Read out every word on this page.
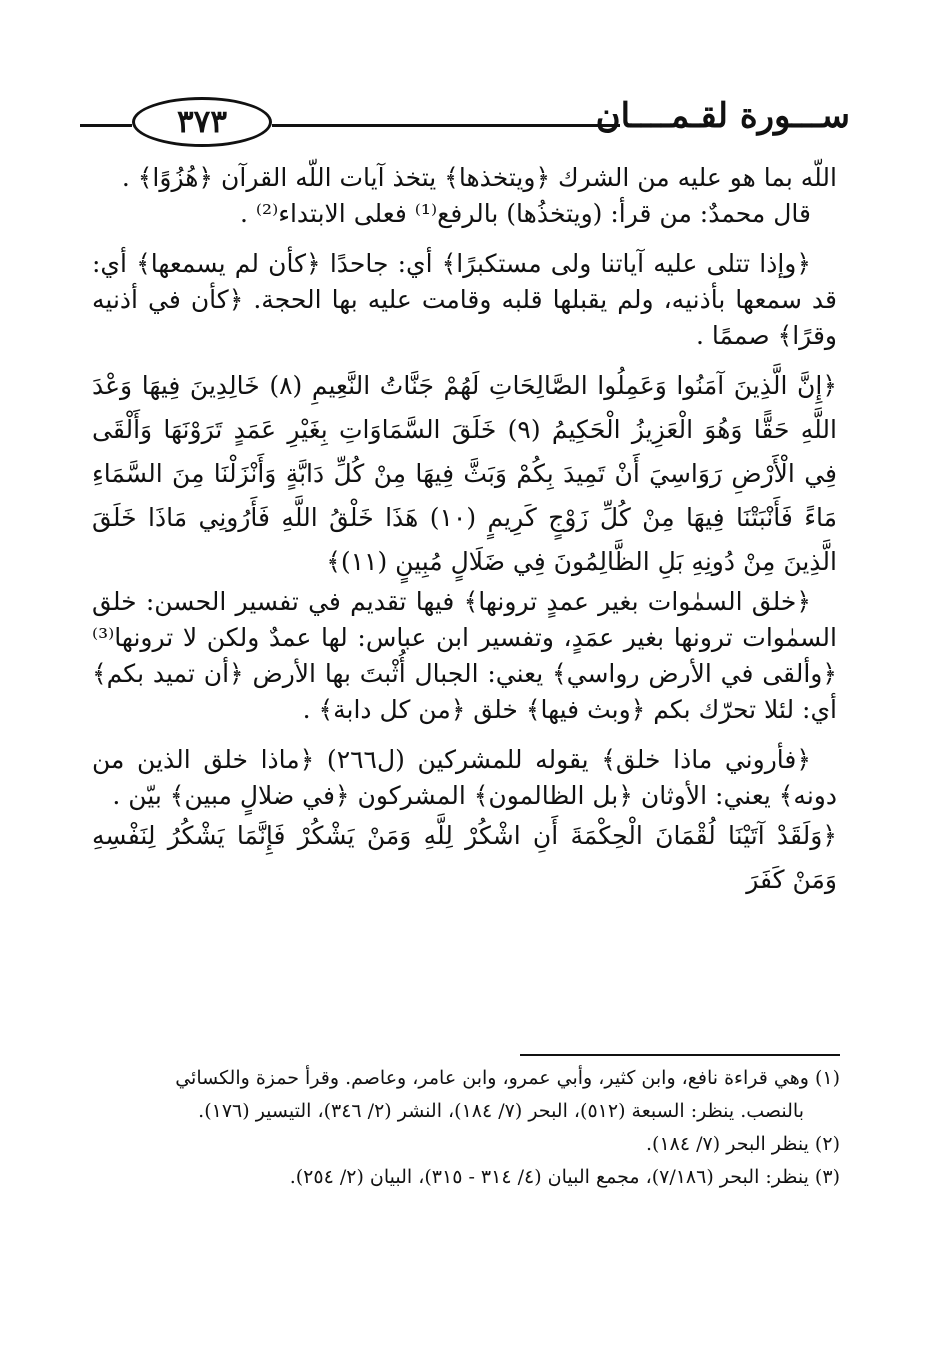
٣٧٣	ســـورة لقـمــــان

اللّه بما هو عليه من الشرك ﴿ويتخذها﴾ يتخذ آيات اللّه القرآن ﴿هُزُوًا﴾ .

قال محمدٌ: من قرأ: (ويتخذُها) بالرفع⁽¹⁾ فعلى الابتداء⁽²⁾ .

﴿وإذا تتلى عليه آياتنا ولى مستكبرًا﴾ أي: جاحدًا ﴿كأن لم يسمعها﴾ أي: قد سمعها بأذنيه، ولم يقبلها قلبه وقامت عليه بها الحجة. ﴿كأن في أذنيه وقرًا﴾ صممًا .

﴿إِنَّ الَّذِينَ آمَنُوا وَعَمِلُوا الصَّالِحَاتِ لَهُمْ جَنَّاتُ النَّعِيمِ (٨) خَالِدِينَ فِيهَا وَعْدَ اللَّهِ حَقًّا وَهُوَ الْعَزِيزُ الْحَكِيمُ (٩) خَلَقَ السَّمَاوَاتِ بِغَيْرِ عَمَدٍ تَرَوْنَهَا وَأَلْقَى فِي الْأَرْضِ رَوَاسِيَ أَنْ تَمِيدَ بِكُمْ وَبَثَّ فِيهَا مِنْ كُلِّ دَابَّةٍ وَأَنْزَلْنَا مِنَ السَّمَاءِ مَاءً فَأَنْبَتْنَا فِيهَا مِنْ كُلِّ زَوْجٍ كَرِيمٍ (١٠) هَذَا خَلْقُ اللَّهِ فَأَرُونِي مَاذَا خَلَقَ الَّذِينَ مِنْ دُونِهِ بَلِ الظَّالِمُونَ فِي ضَلَالٍ مُبِينٍ (١١)﴾

﴿خلق السمٰوات بغير عمدٍ ترونها﴾ فيها تقديم في تفسير الحسن: خلق السمٰوات ترونها بغير عمَدٍ، وتفسير ابن عباس: لها عمدٌ ولكن لا ترونها⁽³⁾ ﴿وألقى في الأرض رواسي﴾ يعني: الجبال أُثْبتَ بها الأرض ﴿أن تميد بكم﴾ أي: لئلا تحرّك بكم ﴿وبث فيها﴾ خلق ﴿من كل دابة﴾ .

﴿فأروني ماذا خلق﴾ يقوله للمشركين (ل٢٦٦) ﴿ماذا خلق الذين من دونه﴾ يعني: الأوثان ﴿بل الظالمون﴾ المشركون ﴿في ضلالٍ مبين﴾ بيّن .

﴿وَلَقَدْ آتَيْنَا لُقْمَانَ الْحِكْمَةَ أَنِ اشْكُرْ لِلَّهِ وَمَنْ يَشْكُرْ فَإِنَّمَا يَشْكُرُ لِنَفْسِهِ وَمَنْ كَفَرَ

(١) وهي قراءة نافع، وابن كثير، وأبي عمرو، وابن عامر، وعاصم. وقرأ حمزة والكسائي

بالنصب. ينظر: السبعة (٥١٢)، البحر (٧/ ١٨٤)، النشر (٢/ ٣٤٦)، التيسير (١٧٦).

(٢) ينظر البحر (٧/ ١٨٤).

(٣) ينظر: البحر (٧/١٨٦)، مجمع البيان (٤/ ٣١٤ - ٣١٥)، البيان (٢/ ٢٥٤).
